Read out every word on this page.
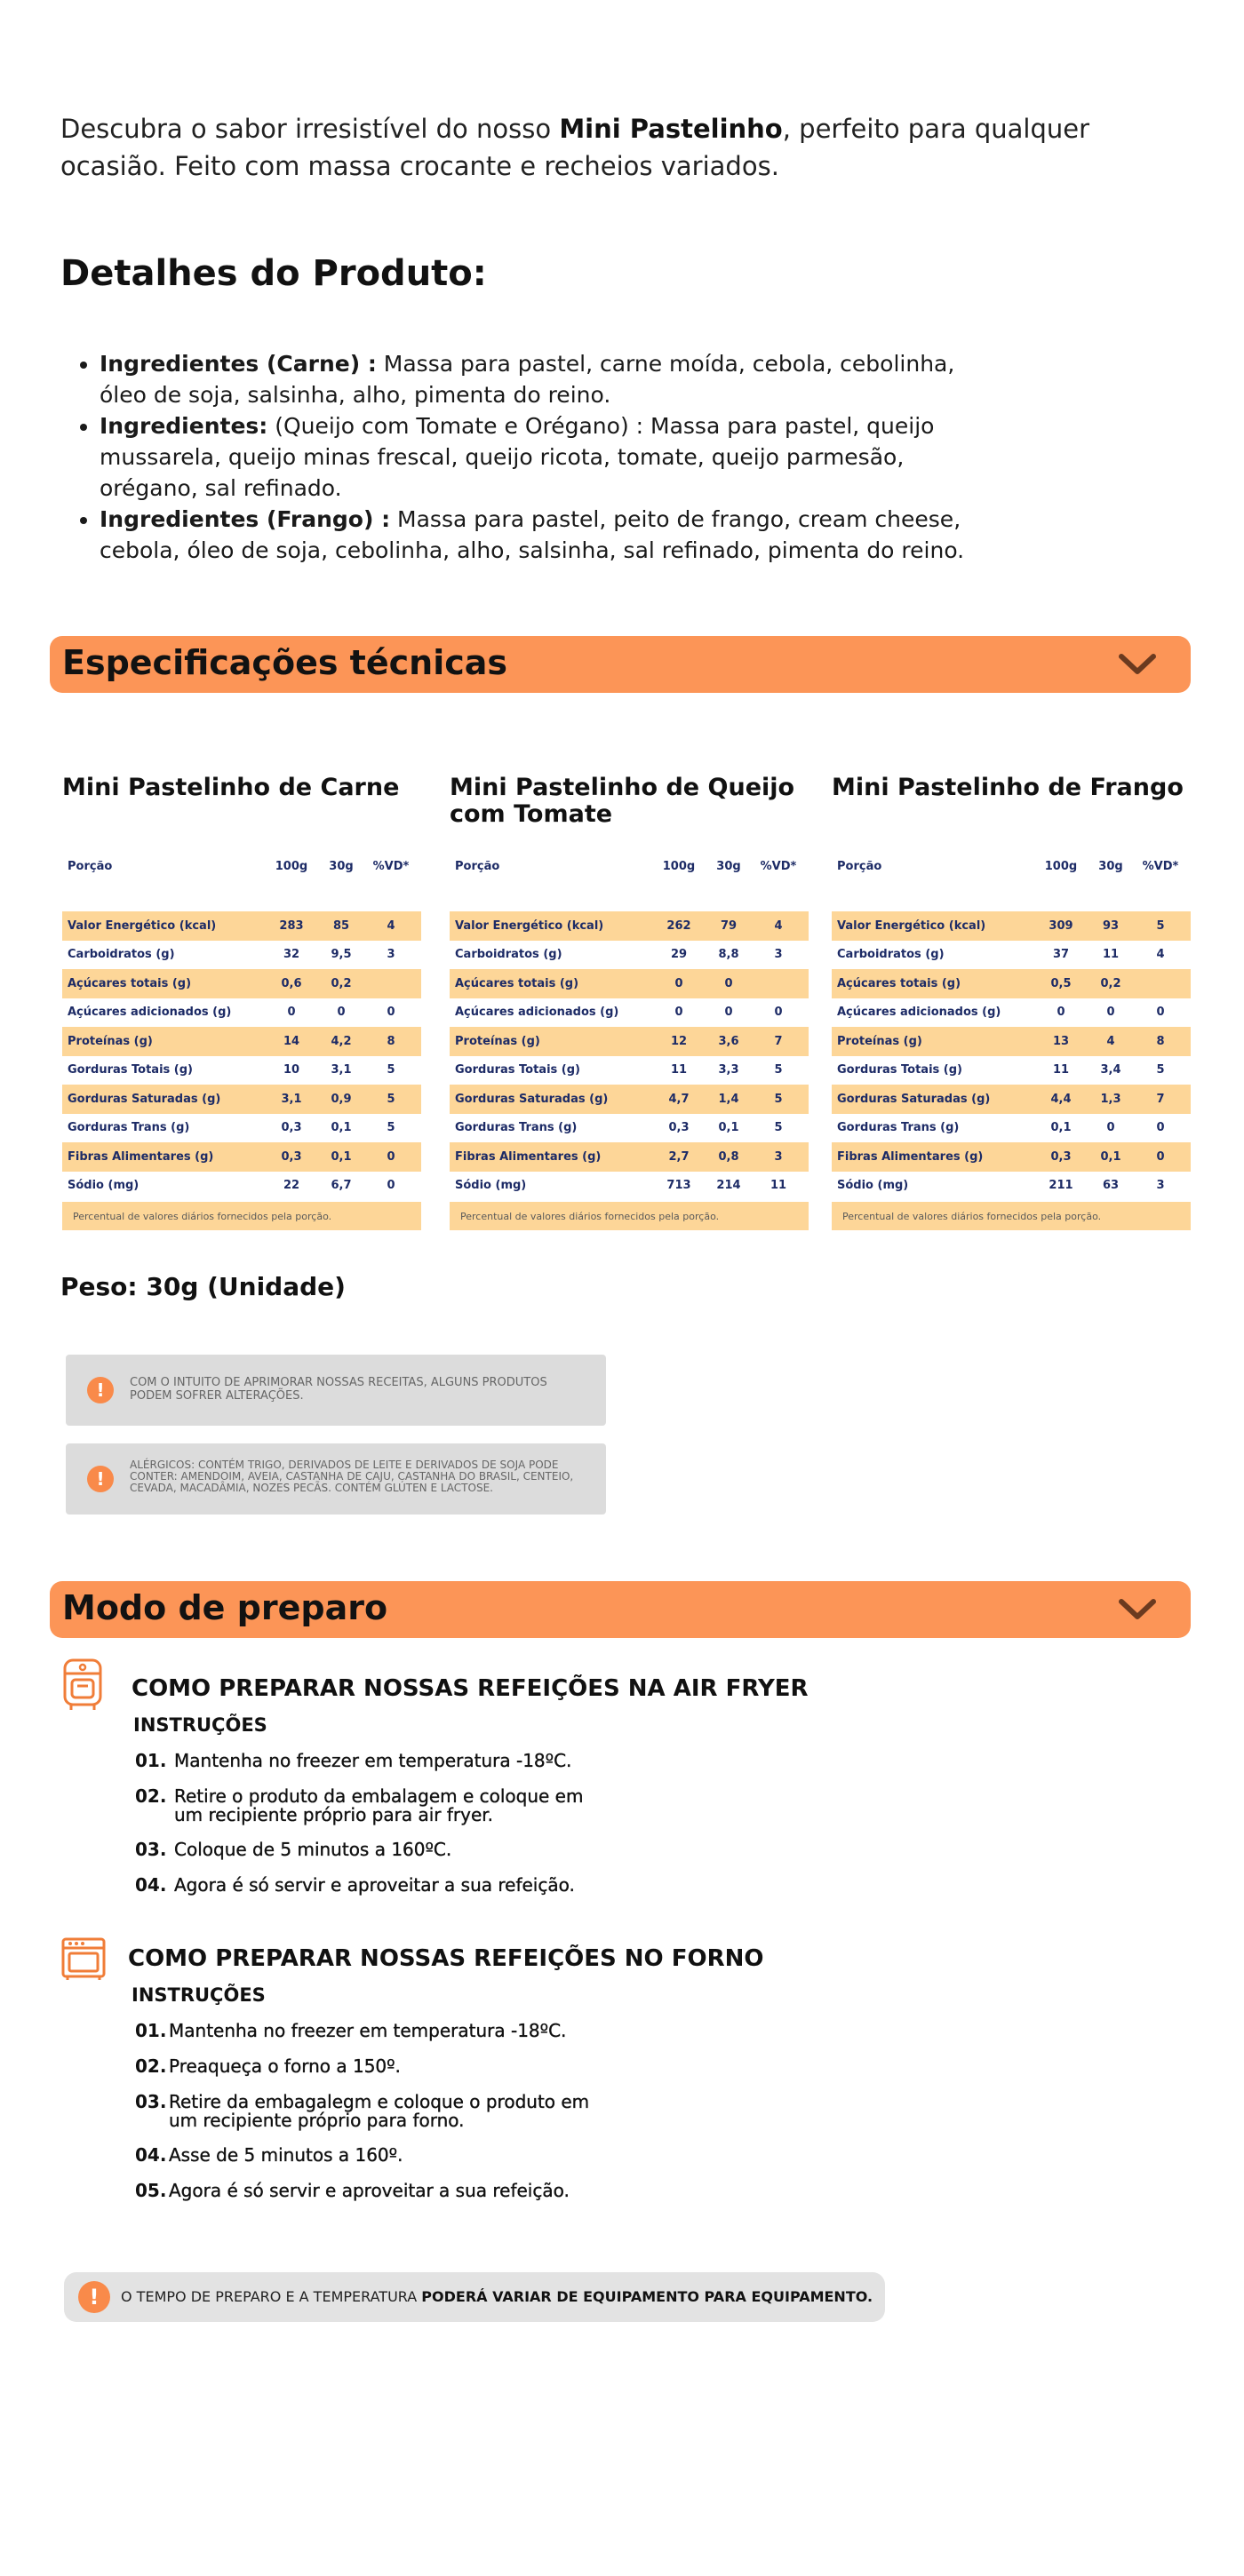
Descubra o sabor irresistível do nosso Mini Pastelinho, perfeito para qualquer ocasião. Feito com massa crocante e recheios variados.

Detalhes do Produto:
• Ingredientes (Carne) : Massa para pastel, carne moída, cebola, cebolinha, óleo de soja, salsinha, alho, pimenta do reino.
• Ingredientes: (Queijo com Tomate e Orégano) : Massa para pastel, queijo mussarela, queijo minas frescal, queijo ricota, tomate, queijo parmesão, orégano, sal refinado.
• Ingredientes (Frango) : Massa para pastel, peito de frango, cream cheese, cebola, óleo de soja, cebolinha, alho, salsinha, sal refinado, pimenta do reino.
Especificações técnicas
Mini Pastelinho de Carne
Porção	100g	30g	%VD*
Valor Energético (kcal)	283	85	4
Carboidratos (g)	32	9,5	3
Açúcares totais (g)	0,6	0,2
Açúcares adicionados (g)	0	0	0
Proteínas (g)	14	4,2	8
Gorduras Totais (g)	10	3,1	5
Gorduras Saturadas (g)	3,1	0,9	5
Gorduras Trans (g)	0,3	0,1	5
Fibras Alimentares (g)	0,3	0,1	0
Sódio (mg)	22	6,7	0
Percentual de valores diários fornecidos pela porção.
Mini Pastelinho de Queijo com Tomate
Porção	100g	30g	%VD*
Valor Energético (kcal)	262	79	4
Carboidratos (g)	29	8,8	3
Açúcares totais (g)	0	0
Açúcares adicionados (g)	0	0	0
Proteínas (g)	12	3,6	7
Gorduras Totais (g)	11	3,3	5
Gorduras Saturadas (g)	4,7	1,4	5
Gorduras Trans (g)	0,3	0,1	5
Fibras Alimentares (g)	2,7	0,8	3
Sódio (mg)	713	214	11
Percentual de valores diários fornecidos pela porção.
Mini Pastelinho de Frango
Porção	100g	30g	%VD*
Valor Energético (kcal)	309	93	5
Carboidratos (g)	37	11	4
Açúcares totais (g)	0,5	0,2
Açúcares adicionados (g)	0	0	0
Proteínas (g)	13	4	8
Gorduras Totais (g)	11	3,4	5
Gorduras Saturadas (g)	4,4	1,3	7
Gorduras Trans (g)	0,1	0	0
Fibras Alimentares (g)	0,3	0,1	0
Sódio (mg)	211	63	3
Percentual de valores diários fornecidos pela porção.
Peso: 30g (Unidade)
!	COM O INTUITO DE APRIMORAR NOSSAS RECEITAS, ALGUNS PRODUTOS PODEM SOFRER ALTERAÇÕES.
!
ALÉRGICOS: CONTÉM TRIGO, DERIVADOS DE LEITE E DERIVADOS DE SOJA PODE CONTER: AMENDOIM, AVEIA, CASTANHA DE CAJU, CASTANHA DO BRASIL, CENTEIO, CEVADA, MACADÂMIA, NOZES PECÃS. CONTÉM GLÚTEN E LACTOSE.
Modo de preparo
COMO PREPARAR NOSSAS REFEIÇÕES NA AIR FRYER
INSTRUÇÕES
01. Mantenha no freezer em temperatura -18ºC.
02. Retire o produto da embalagem e coloque em um recipiente próprio para air fryer.
03. Coloque de 5 minutos a 160ºC.
04. Agora é só servir e aproveitar a sua refeição.
COMO PREPARAR NOSSAS REFEIÇÕES NO FORNO
INSTRUÇÕES
01. Mantenha no freezer em temperatura -18ºC.
02. Preaqueça o forno a 150º.
03. Retire da embagalegm e coloque o produto em um recipiente próprio para forno.
04. Asse de 5 minutos a 160º.
05. Agora é só servir e aproveitar a sua refeição.
!	O TEMPO DE PREPARO E A TEMPERATURA PODERÁ VARIAR DE EQUIPAMENTO PARA EQUIPAMENTO.
